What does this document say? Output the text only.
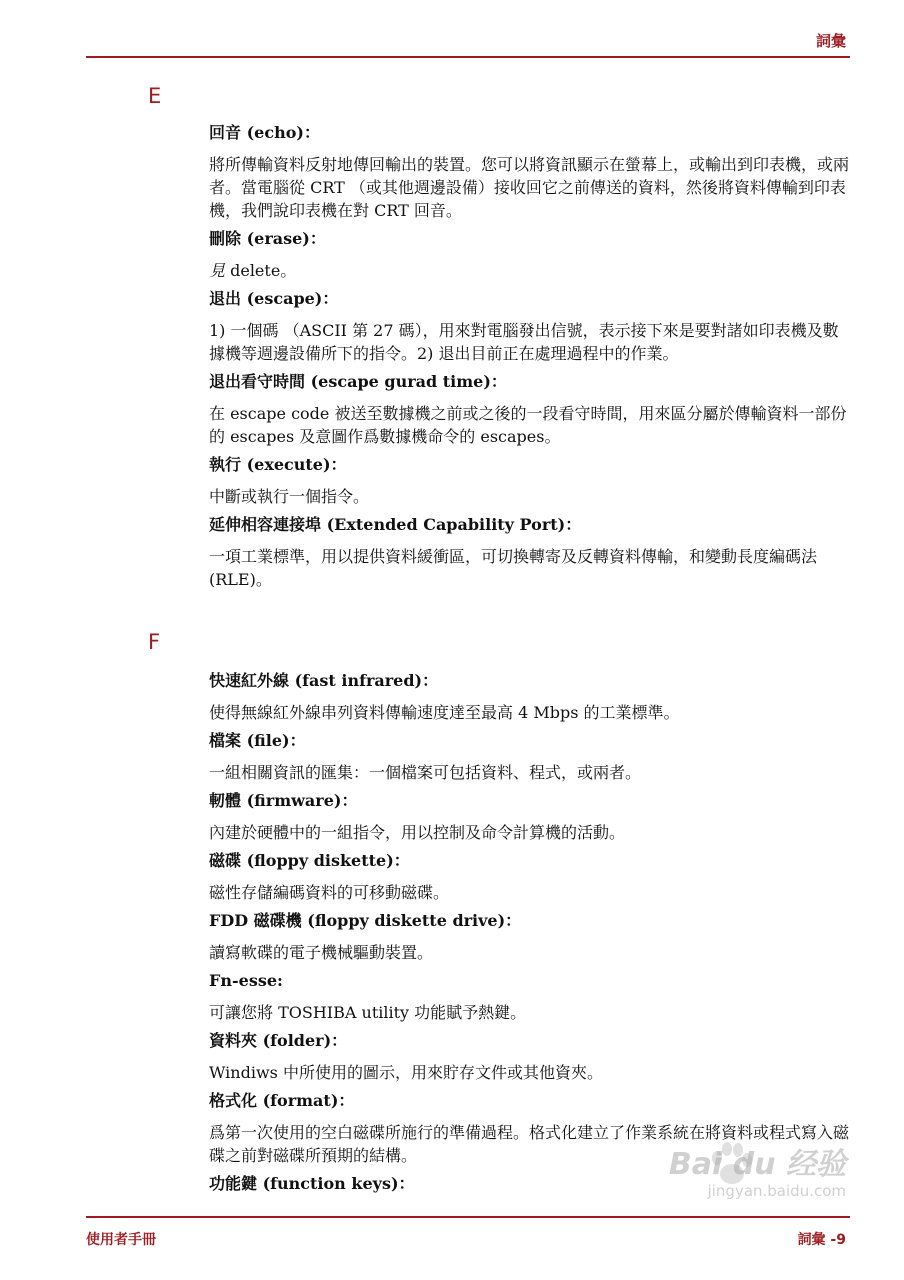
詞彙
E

回音 (echo)：

將所傳輸資料反射地傳回輸出的裝置。您可以將資訊顯示在螢幕上，或輸出到印表機，或兩者。當電腦從 CRT （或其他週邊設備）接收回它之前傳送的資料，然後將資料傳輸到印表機，我們說印表機在對 CRT 回音。

刪除 (erase)：

見 delete。

退出 (escape)：

1) 一個碼 （ASCII 第 27 碼），用來對電腦發出信號，表示接下來是要對諸如印表機及數據機等週邊設備所下的指令。2) 退出目前正在處理過程中的作業。

退出看守時間 (escape gurad time)：

在 escape code 被送至數據機之前或之後的一段看守時間，用來區分屬於傳輸資料一部份的 escapes 及意圖作爲數據機命令的 escapes。

執行 (execute)：

中斷或執行一個指令。

延伸相容連接埠 (Extended Capability Port)：

一項工業標準，用以提供資料緩衝區，可切換轉寄及反轉資料傳輸，和變動長度編碼法 (RLE)。

F

快速紅外線 (fast infrared)：

使得無線紅外線串列資料傳輸速度達至最高 4 Mbps 的工業標準。

檔案 (file)：

一組相關資訊的匯集：一個檔案可包括資料、程式，或兩者。

軔體 (firmware)：

內建於硬體中的一組指令，用以控制及命令計算機的活動。

磁碟 (floppy diskette)：

磁性存儲編碼資料的可移動磁碟。

FDD 磁碟機 (floppy diskette drive)：

讀寫軟碟的電子機械驅動裝置。

Fn-esse:

可讓您將 TOSHIBA utility 功能賦予熱鍵。

資料夾 (folder)：

Windiws 中所使用的圖示，用來貯存文件或其他資夾。

格式化 (format)：

爲第一次使用的空白磁碟所施行的準備過程。格式化建立了作業系統在將資料或程式寫入磁碟之前對磁碟所預期的結構。

功能鍵 (function keys)：

Bai du 经验
jingyan.baidu.com
使用者手冊	詞彙 -9
